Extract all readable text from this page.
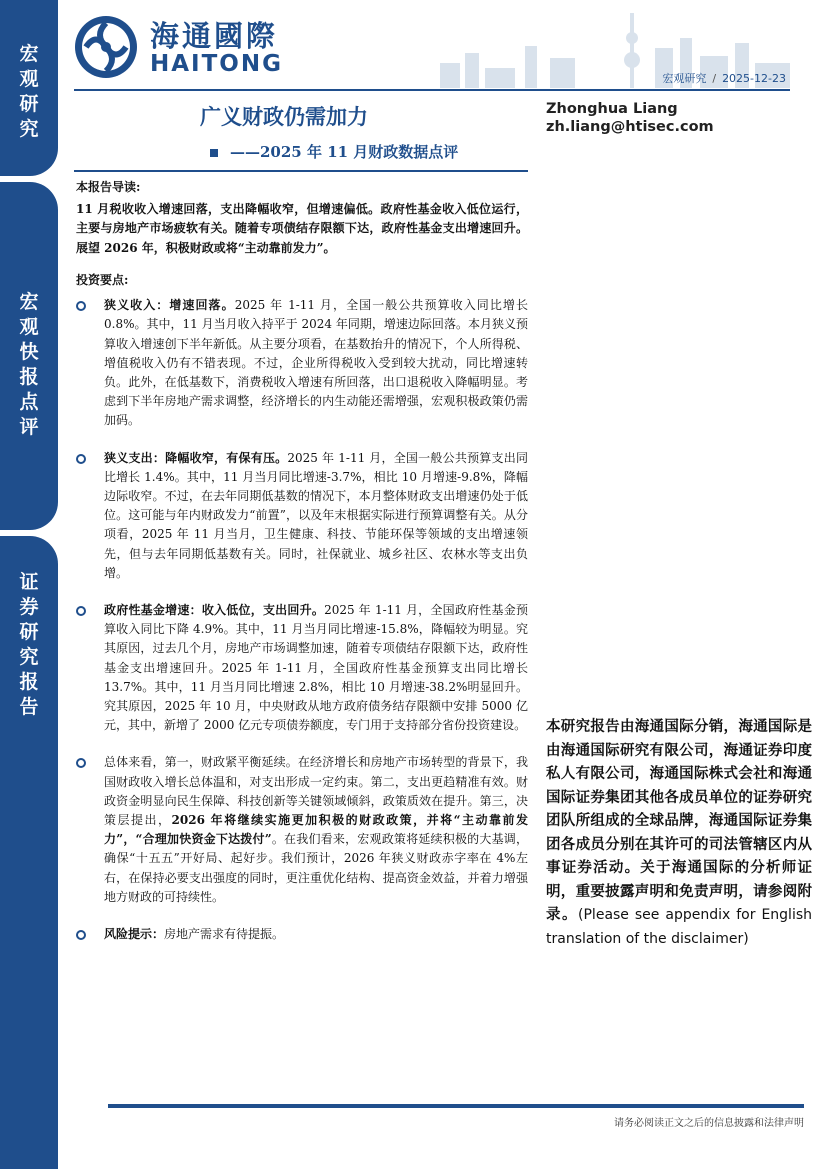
宏
观
研
究
宏
观
快
报
点
评
证
券
研
究
报
告
海通國際
HAITONG
宏观研究 / 2025-12-23
广义财政仍需加力
——2025 年 11 月财政数据点评
Zhonghua Liang
zh.liang@htisec.com
本报告导读:
11 月税收收入增速回落，支出降幅收窄，但增速偏低。政府性基金收入低位运行，主要与房地产市场疲软有关。随着专项债结存限额下达，政府性基金支出增速回升。展望 2026 年，积极财政或将“主动靠前发力”。
投资要点:
狭义收入：增速回落。2025 年 1-11 月，全国一般公共预算收入同比增长 0.8%。其中，11 月当月收入持平于 2024 年同期，增速边际回落。本月狭义预算收入增速创下半年新低。从主要分项看，在基数抬升的情况下，个人所得税、增值税收入仍有不错表现。不过，企业所得税收入受到较大扰动，同比增速转负。此外，在低基数下，消费税收入增速有所回落，出口退税收入降幅明显。考虑到下半年房地产需求调整，经济增长的内生动能还需增强，宏观积极政策仍需加码。
狭义支出：降幅收窄，有保有压。2025 年 1-11 月，全国一般公共预算支出同比增长 1.4%。其中，11 月当月同比增速-3.7%，相比 10 月增速-9.8%，降幅边际收窄。不过，在去年同期低基数的情况下，本月整体财政支出增速仍处于低位。这可能与年内财政发力“前置”，以及年末根据实际进行预算调整有关。从分项看，2025 年 11 月当月，卫生健康、科技、节能环保等领域的支出增速领先，但与去年同期低基数有关。同时，社保就业、城乡社区、农林水等支出负增。
政府性基金增速：收入低位，支出回升。2025 年 1-11 月，全国政府性基金预算收入同比下降 4.9%。其中，11 月当月同比增速-15.8%，降幅较为明显。究其原因，过去几个月，房地产市场调整加速，随着专项债结存限额下达，政府性基金支出增速回升。2025 年 1-11 月，全国政府性基金预算支出同比增长 13.7%。其中，11 月当月同比增速 2.8%，相比 10 月增速-38.2%明显回升。究其原因，2025 年 10 月，中央财政从地方政府债务结存限额中安排 5000 亿元，其中，新增了 2000 亿元专项债券额度，专门用于支持部分省份投资建设。
总体来看，第一，财政紧平衡延续。在经济增长和房地产市场转型的背景下，我国财政收入增长总体温和，对支出形成一定约束。第二，支出更趋精准有效。财政资金明显向民生保障、科技创新等关键领域倾斜，政策质效在提升。第三，决策层提出，2026 年将继续实施更加积极的财政政策，并将“主动靠前发力”，“合理加快资金下达拨付”。在我们看来，宏观政策将延续积极的大基调，确保“十五五”开好局、起好步。我们预计，2026 年狭义财政赤字率在 4%左右，在保持必要支出强度的同时，更注重优化结构、提高资金效益，并着力增强地方财政的可持续性。
风险提示：房地产需求有待提振。
本研究报告由海通国际分销，海通国际是由海通国际研究有限公司，海通证券印度私人有限公司，海通国际株式会社和海通国际证券集团其他各成员单位的证券研究团队所组成的全球品牌，海通国际证券集团各成员分别在其许可的司法管辖区内从事证券活动。关于海通国际的分析师证明，重要披露声明和免责声明，请参阅附录。(Please see appendix for English translation of the disclaimer)
请务必阅读正文之后的信息披露和法律声明
